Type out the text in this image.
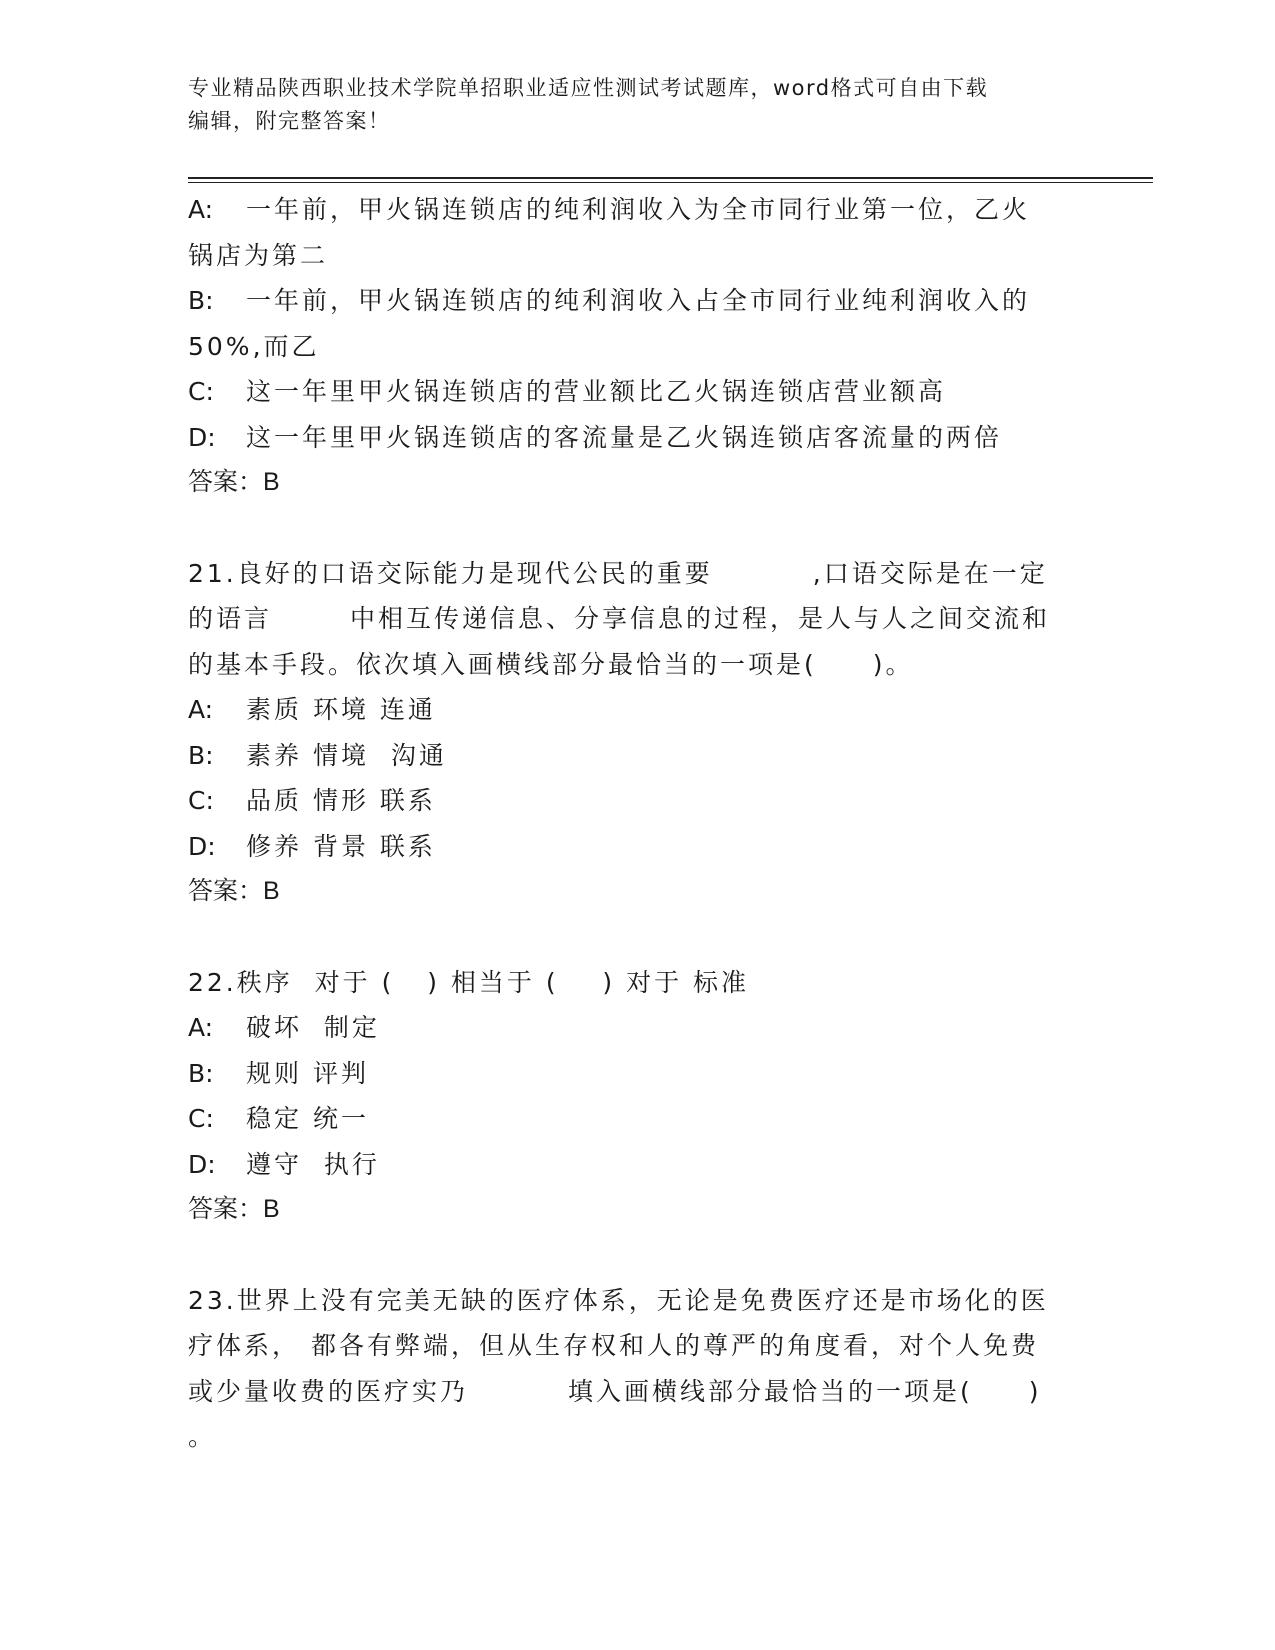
专业精品陕西职业技术学院单招职业适应性测试考试题库，word格式可自由下载
编辑，附完整答案！

A: 一年前，甲火锅连锁店的纯利润收入为全市同行业第一位，乙火

锅店为第二

B: 一年前，甲火锅连锁店的纯利润收入占全市同行业纯利润收入的

50%,而乙

C: 这一年里甲火锅连锁店的营业额比乙火锅连锁店营业额高

D: 这一年里甲火锅连锁店的客流量是乙火锅连锁店客流量的两倍

答案：B

21.良好的口语交际能力是现代公民的重要	,口语交际是在一定

的语言	中相互传递信息、分享信息的过程，是人与人之间交流和

的基本手段。依次填入画横线部分最恰当的一项是(　　)。

A: 素质 环境 连通

B: 素养 情境  沟通

C: 品质 情形 联系

D: 修养 背景 联系

答案：B

22.秩序  对于 (   ) 相当于 (    ) 对于 标准

A: 破坏  制定

B: 规则 评判

C: 稳定 统一

D: 遵守  执行

答案：B

23.世界上没有完美无缺的医疗体系，无论是免费医疗还是市场化的医

疗体系， 都各有弊端，但从生存权和人的尊严的角度看，对个人免费

或少量收费的医疗实乃	填入画横线部分最恰当的一项是(　　)

。
